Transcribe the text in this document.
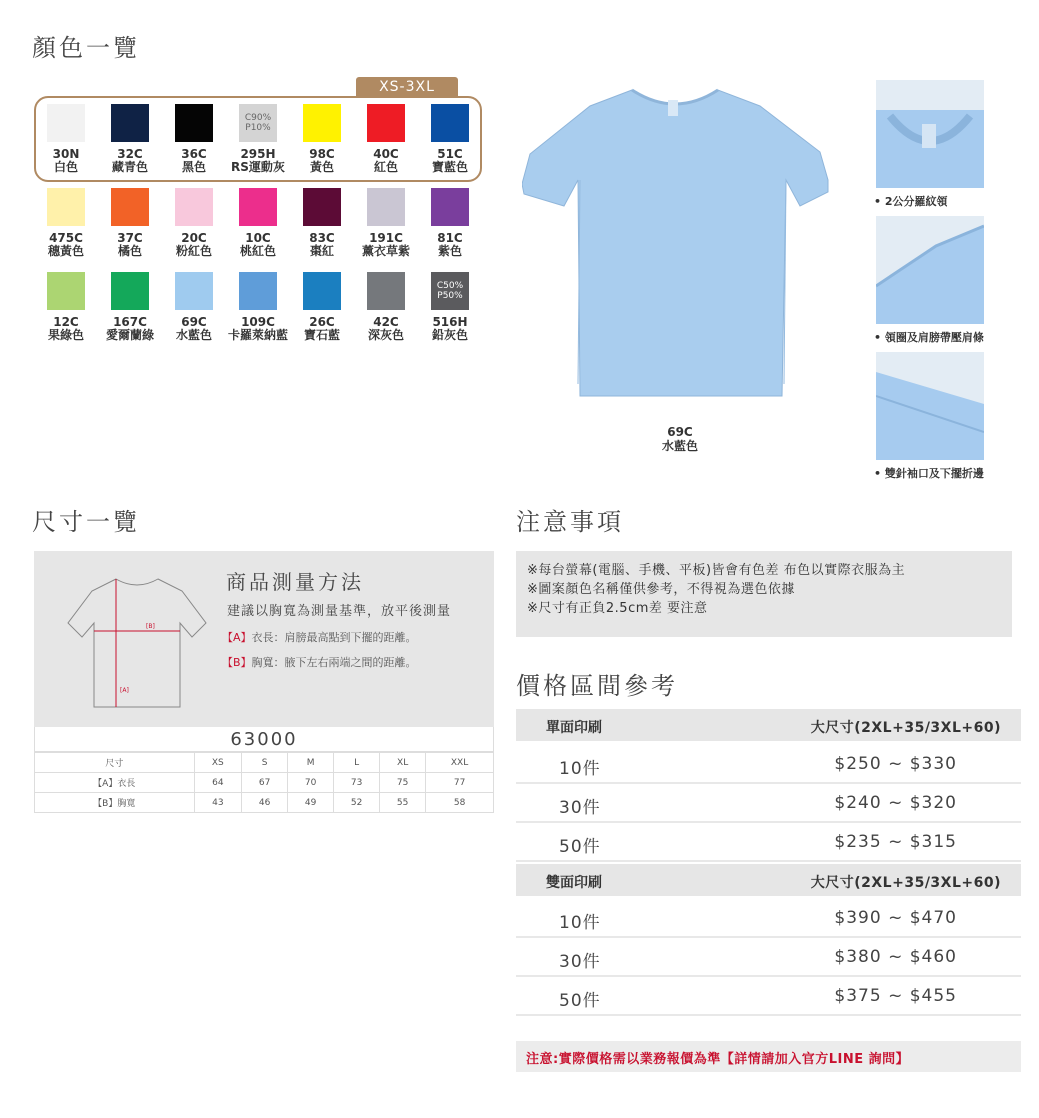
顏色一覽
XS-3XL
30N
白色
32C
藏青色
36C
黑色
C90%
P10%
295H
RS運動灰
98C
黃色
40C
紅色
51C
寶藍色
475C
穗黃色
37C
橘色
20C
粉紅色
10C
桃紅色
83C
棗紅
191C
薰衣草紫
81C
紫色
12C
果綠色
167C
愛爾蘭綠
69C
水藍色
109C
卡羅萊納藍
26C
寶石藍
42C
深灰色
C50%
P50%
516H
鉛灰色
69C
水藍色
• 2公分羅紋領
• 領圈及肩膀帶壓肩條
• 雙針袖口及下擺折邊
尺寸一覽
[B]
[A]
商品測量方法
建議以胸寬為測量基準，放平後測量
【A】衣長：肩膀最高點到下擺的距離。
【B】胸寬：腋下左右兩端之間的距離。
63000
尺寸	XS	S	M	L	XL	XXL
【A】衣長	64	67	70	73	75	77
【B】胸寬	43	46	49	52	55	58
注意事項
※每台螢幕(電腦、手機、平板)皆會有色差 布色以實際衣服為主
※圖案顏色名稱僅供參考，不得視為選色依據
※尺寸有正負2.5cm差 要注意
價格區間參考
單面印刷	大尺寸(2XL+35/3XL+60)
10件	$250 ~ $330
30件	$240 ~ $320
50件	$235 ~ $315
雙面印刷	大尺寸(2XL+35/3XL+60)
10件	$390 ~ $470
30件	$380 ~ $460
50件	$375 ~ $455
注意:實際價格需以業務報價為準【詳情請加入官方LINE 詢問】
